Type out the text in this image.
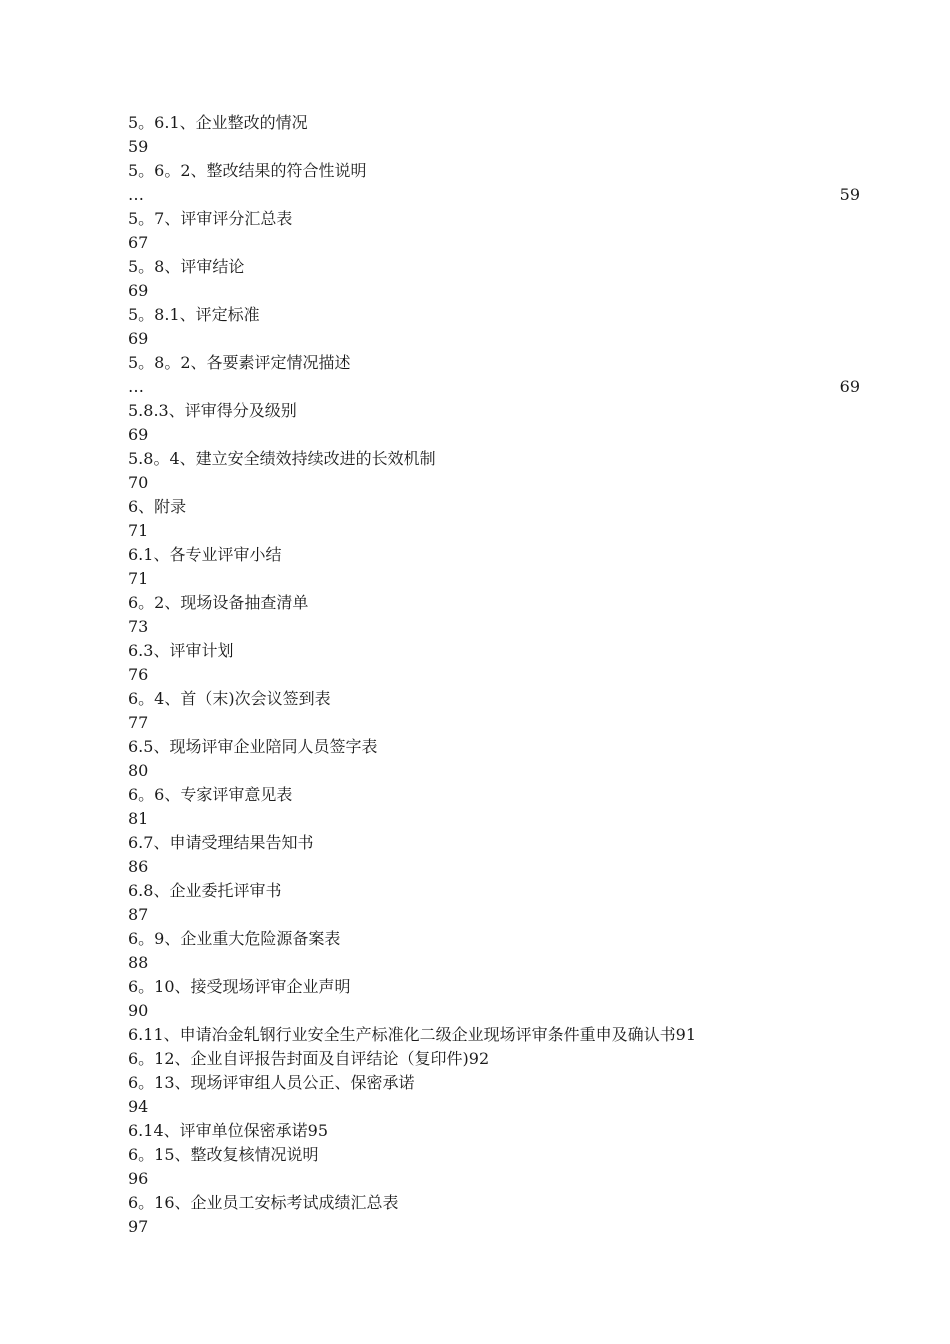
5。6.1、企业整改的情况
59
5。6。2、整改结果的符合性说明
…	59
5。7、评审评分汇总表
67
5。8、评审结论
69
5。8.1、评定标准
69
5。8。2、各要素评定情况描述
…	69
5.8.3、评审得分及级别
69
5.8。4、建立安全绩效持续改进的长效机制
70
6、附录
71
6.1、各专业评审小结
71
6。2、现场设备抽查清单
73
6.3、评审计划
76
6。4、首（末)次会议签到表
77
6.5、现场评审企业陪同人员签字表
80
6。6、专家评审意见表
81
6.7、申请受理结果告知书
86
6.8、企业委托评审书
87
6。9、企业重大危险源备案表
88
6。10、接受现场评审企业声明
90
6.11、申请冶金轧钢行业安全生产标准化二级企业现场评审条件重申及确认书91
6。12、企业自评报告封面及自评结论（复印件)92
6。13、现场评审组人员公正、保密承诺
94
6.14、评审单位保密承诺95
6。15、整改复核情况说明
96
6。16、企业员工安标考试成绩汇总表
97
